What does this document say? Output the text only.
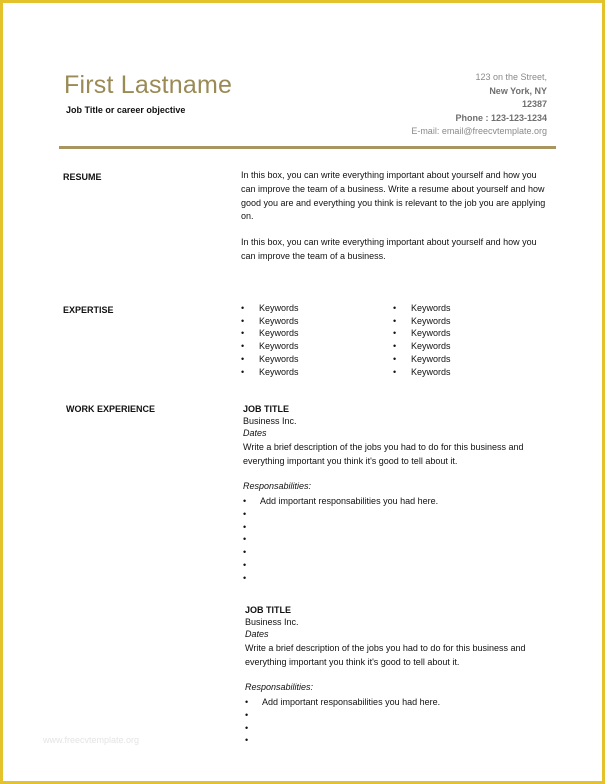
First Lastname
Job Title or career objective
123 on the Street,
New York, NY
12387
Phone : 123-123-1234
E-mail: email@freecvtemplate.org
RESUME	In this box, you can write everything important about yourself and how you can improve the team of a business. Write a resume about yourself and how good you are and everything you think is relevant to the job you are applying on.

In this box, you can write everything important about yourself and how you can improve the team of a business.

EXPERTISE
•	Keywords
• Keywords
• Keywords
• Keywords
• Keywords
• Keywords
• Keywords
• Keywords
• Keywords
• Keywords
• Keywords
• Keywords
WORK EXPERIENCE	JOB TITLE
Business Inc.
Dates
Write a brief description of the jobs you had to do for this business and everything important you think it's good to tell about it.
Responsabilities:
• Add important responsabilities you had here.
•
•
•
•
•
•
JOB TITLE
Business Inc.
Dates
Write a brief description of the jobs you had to do for this business and everything important you think it's good to tell about it.
Responsabilities:
• Add important responsabilities you had here.
•
•
•
www.freecvtemplate.org
